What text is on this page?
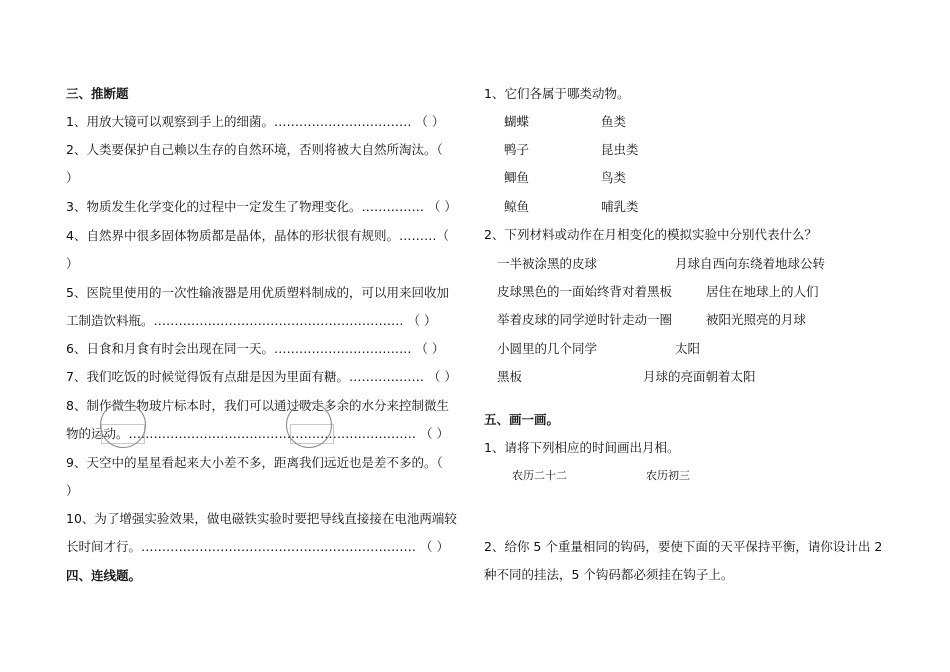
三、推断题
1、用放大镜可以观察到手上的细菌。…………………………… （ ）
2、人类要保护自己赖以生存的自然环境，否则将被大自然所淘汰。（
）
3、物质发生化学变化的过程中一定发生了物理变化。…………… （ ）
4、自然界中很多固体物质都是晶体，晶体的形状很有规则。………（
）
5、医院里使用的一次性输液器是用优质塑料制成的，可以用来回收加
工制造饮料瓶。…………………………………………………… （ ）
6、日食和月食有时会出现在同一天。…………………………… （ ）
7、我们吃饭的时候觉得饭有点甜是因为里面有糖。……………… （ ）
8、制作微生物玻片标本时，我们可以通过吸走多余的水分来控制微生
物的运动。…………………………………………………………… （ ）
9、天空中的星星看起来大小差不多，距离我们远近也是差不多的。（
）
10、为了增强实验效果，做电磁铁实验时要把导线直接接在电池两端较
长时间才行。………………………………………………………… （ ）
四、连线题。
1、它们各属于哪类动物。
蝴蝶	鱼类
鸭子	昆虫类
鲫鱼	鸟类
鲸鱼	哺乳类
2、下列材料或动作在月相变化的模拟实验中分别代表什么？
一半被涂黑的皮球	月球自西向东绕着地球公转
皮球黑色的一面始终背对着黑板	居住在地球上的人们
举着皮球的同学逆时针走动一圈	被阳光照亮的月球
小圆里的几个同学	太阳
黑板	月球的亮面朝着太阳
五、画一画。
1、请将下列相应的时间画出月相。
农历二十二	农历初三
2、给你 5 个重量相同的钩码，要使下面的天平保持平衡，请你设计出 2
种不同的挂法，5 个钩码都必须挂在钩子上。
